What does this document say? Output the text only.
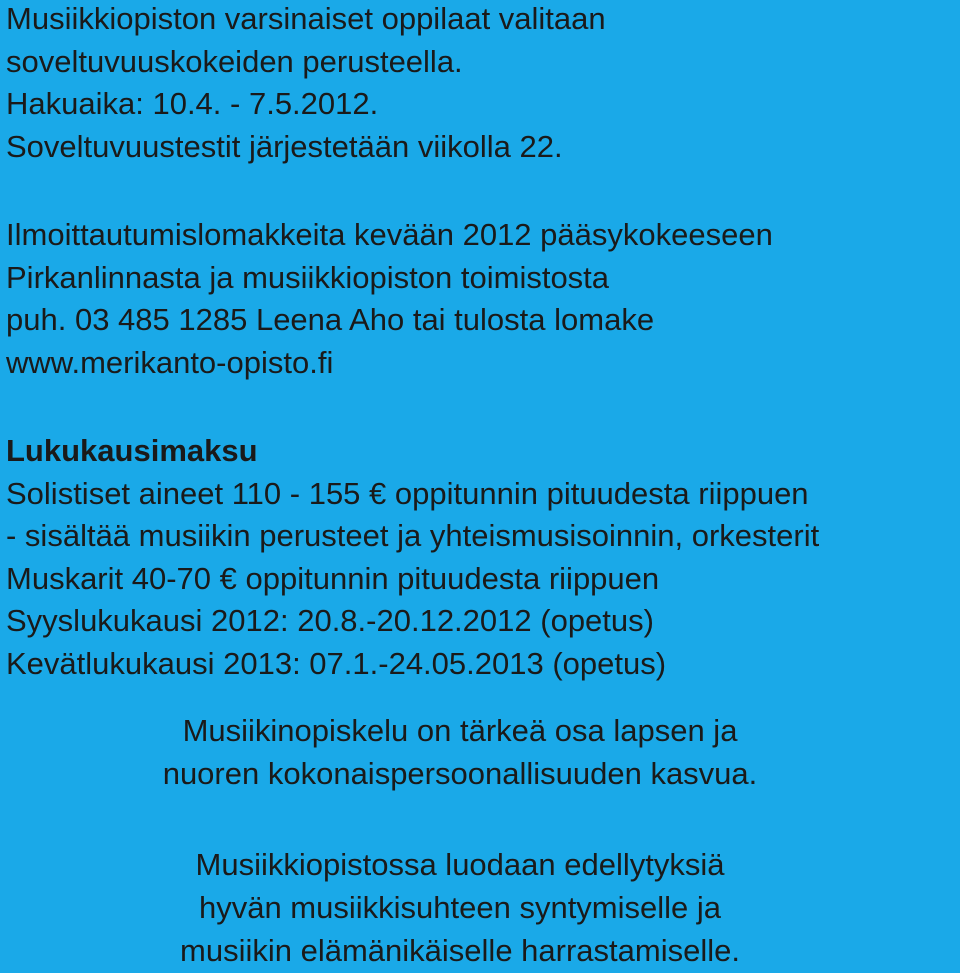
Musiikkiopiston varsinaiset oppilaat valitaan
soveltuvuuskokeiden perusteella.
Hakuaika: 10.4. - 7.5.2012.
Soveltuvuustestit järjestetään viikolla 22.
Ilmoittautumislomakkeita kevään 2012 pääsykokeeseen
Pirkanlinnasta ja musiikkiopiston toimistosta
puh. 03 485 1285 Leena Aho tai tulosta lomake
www.merikanto-opisto.fi
Lukukausimaksu
Solistiset aineet 110 - 155 € oppitunnin pituudesta riippuen
- sisältää musiikin perusteet ja yhteismusisoinnin, orkesterit
Muskarit 40-70 € oppitunnin pituudesta riippuen
Syyslukukausi 2012: 20.8.-20.12.2012 (opetus)
Kevätlukukausi 2013: 07.1.-24.05.2013 (opetus)
Musiikinopiskelu on tärkeä osa lapsen ja
nuoren kokonaispersoonallisuuden kasvua.
Musiikkiopistossa luodaan edellytyksiä
hyvän musiikkisuhteen syntymiselle ja
musiikin elämänikäiselle harrastamiselle.
